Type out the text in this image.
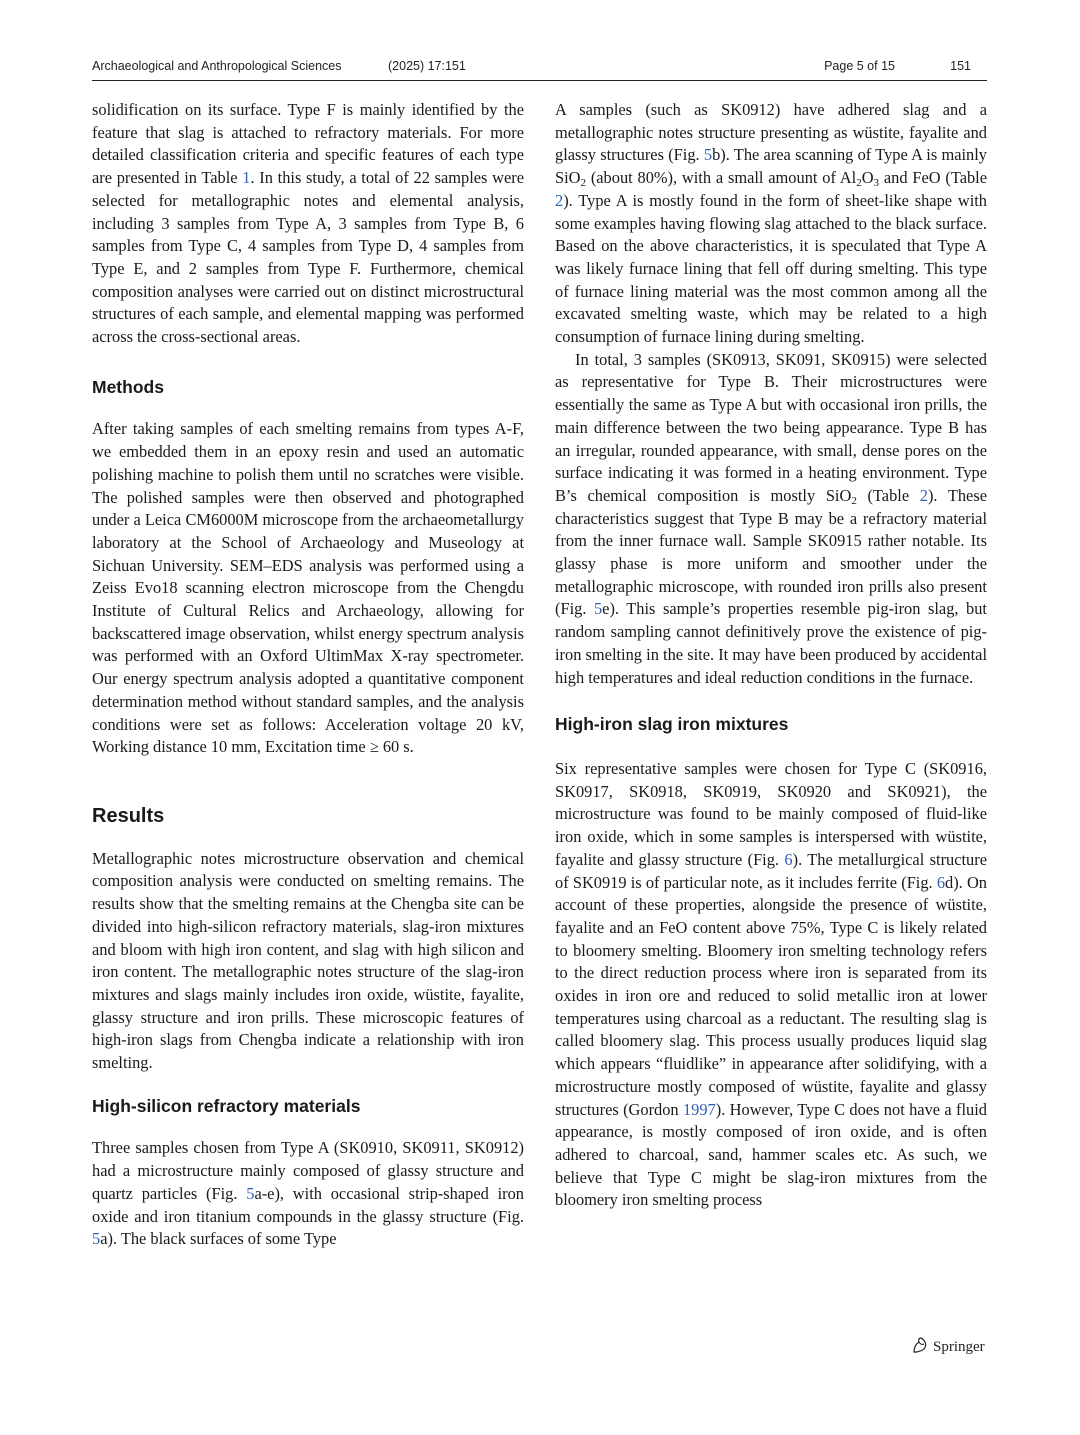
Archaeological and Anthropological Sciences	(2025) 17:151	Page 5 of 15	151

solidification on its surface. Type F is mainly identified by the feature that slag is attached to refractory materials. For more detailed classification criteria and specific features of each type are presented in Table 1. In this study, a total of 22 samples were selected for metallographic notes and elemental analysis, including 3 samples from Type A, 3 samples from Type B, 6 samples from Type C, 4 samples from Type D, 4 samples from Type E, and 2 samples from Type F. Furthermore, chemical composition analyses were carried out on distinct microstructural structures of each sample, and elemental mapping was performed across the cross-sectional areas.

Methods

After taking samples of each smelting remains from types A-F, we embedded them in an epoxy resin and used an automatic polishing machine to polish them until no scratches were visible. The polished samples were then observed and photographed under a Leica CM6000M microscope from the archaeometallurgy laboratory at the School of Archaeology and Museology at Sichuan University. SEM–EDS analysis was performed using a Zeiss Evo18 scanning electron microscope from the Chengdu Institute of Cultural Relics and Archaeology, allowing for backscattered image observation, whilst energy spectrum analysis was performed with an Oxford UltimMax X-ray spectrometer. Our energy spectrum analysis adopted a quantitative component determination method without standard samples, and the analysis conditions were set as follows: Acceleration voltage 20 kV, Working distance 10 mm, Excitation time ≥ 60 s.

Results

Metallographic notes microstructure observation and chemical composition analysis were conducted on smelting remains. The results show that the smelting remains at the Chengba site can be divided into high-silicon refractory materials, slag-iron mixtures and bloom with high iron content, and slag with high silicon and iron content. The metallographic notes structure of the slag-iron mixtures and slags mainly includes iron oxide, wüstite, fayalite, glassy structure and iron prills. These microscopic features of high-iron slags from Chengba indicate a relationship with iron smelting.

High-silicon refractory materials

Three samples chosen from Type A (SK0910, SK0911, SK0912) had a microstructure mainly composed of glassy structure and quartz particles (Fig. 5a-e), with occasional strip-shaped iron oxide and iron titanium compounds in the glassy structure (Fig. 5a). The black surfaces of some Type

A samples (such as SK0912) have adhered slag and a metallographic notes structure presenting as wüstite, fayalite and glassy structures (Fig. 5b). The area scanning of Type A is mainly SiO$_2$ (about 80%), with a small amount of $Al_2O_3$ and FeO (Table 2). Type A is mostly found in the form of sheet-like shape with some examples having flowing slag attached to the black surface. Based on the above characteristics, it is speculated that Type A was likely furnace lining that fell off during smelting. This type of furnace lining material was the most common among all the excavated smelting waste, which may be related to a high consumption of furnace lining during smelting.

In total, 3 samples (SK0913, SK091, SK0915) were selected as representative for Type B. Their microstructures were essentially the same as Type A but with occasional iron prills, the main difference between the two being appearance. Type B has an irregular, rounded appearance, with small, dense pores on the surface indicating it was formed in a heating environment. Type B’s chemical composition is mostly SiO$_2$ (Table 2). These characteristics suggest that Type B may be a refractory material from the inner furnace wall. Sample SK0915 rather notable. Its glassy phase is more uniform and smoother under the metallographic microscope, with rounded iron prills also present (Fig. 5e). This sample’s properties resemble pig-iron slag, but random sampling cannot definitively prove the existence of pig-iron smelting in the site. It may have been produced by accidental high temperatures and ideal reduction conditions in the furnace.

High-iron slag iron mixtures

Six representative samples were chosen for Type C (SK0916, SK0917, SK0918, SK0919, SK0920 and SK0921), the microstructure was found to be mainly composed of fluid-like iron oxide, which in some samples is interspersed with wüstite, fayalite and glassy structure (Fig. 6). The metallurgical structure of SK0919 is of particular note, as it includes ferrite (Fig. 6d). On account of these properties, alongside the presence of wüstite, fayalite and an FeO content above 75%, Type C is likely related to bloomery smelting. Bloomery iron smelting technology refers to the direct reduction process where iron is separated from its oxides in iron ore and reduced to solid metallic iron at lower temperatures using charcoal as a reductant. The resulting slag is called bloomery slag. This process usually produces liquid slag which appears “fluidlike” in appearance after solidifying, with a microstructure mostly composed of wüstite, fayalite and glassy structures (Gordon 1997). However, Type C does not have a fluid appearance, is mostly composed of iron oxide, and is often adhered to charcoal, sand, hammer scales etc. As such, we believe that Type C might be slag-iron mixtures from the bloomery iron smelting process

Springer
